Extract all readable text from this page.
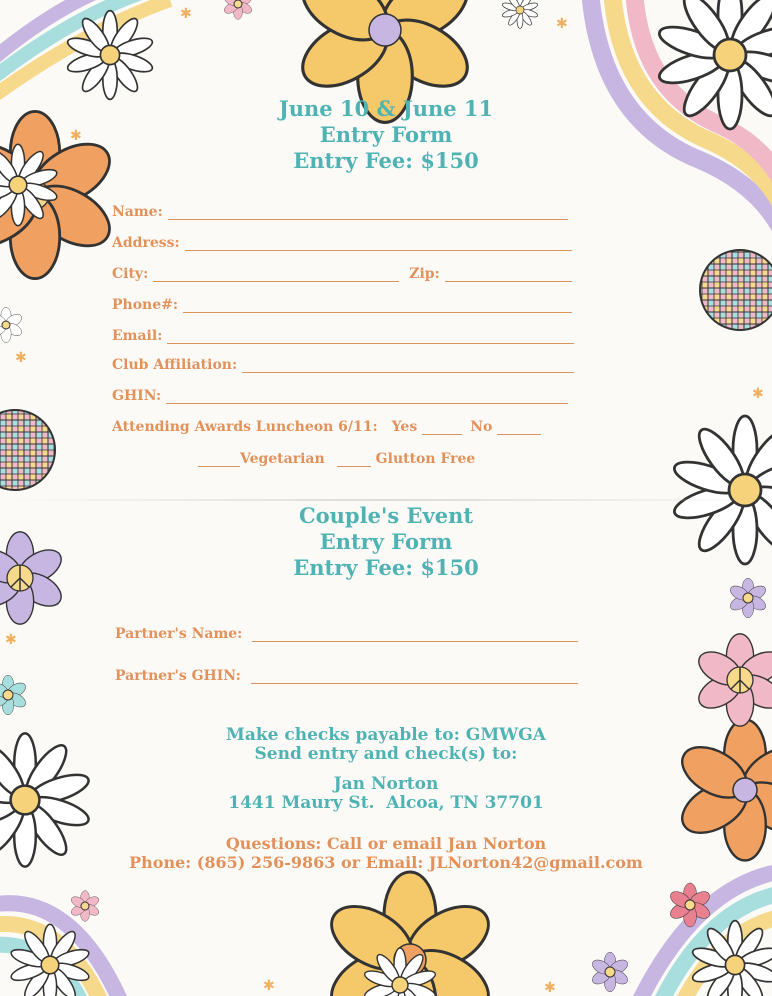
✱
✱
✱
✱
✱
✱
✱	✱
June 10 & June 11
Entry Form
Entry Fee: $150
Name:
Address:
City:	Zip:
Phone#:
Email:
Club Affiliation:
GHIN:
Attending Awards Luncheon 6/11: Yes	No
Vegetarian	Glutton Free
Couple's Event
Entry Form
Entry Fee: $150
Partner's Name:
Partner's GHIN:
Make checks payable to: GMWGA
Send entry and check(s) to:
Jan Norton
1441 Maury St.  Alcoa, TN 37701
Questions: Call or email Jan Norton
Phone: (865) 256-9863 or Email: JLNorton42@gmail.com
